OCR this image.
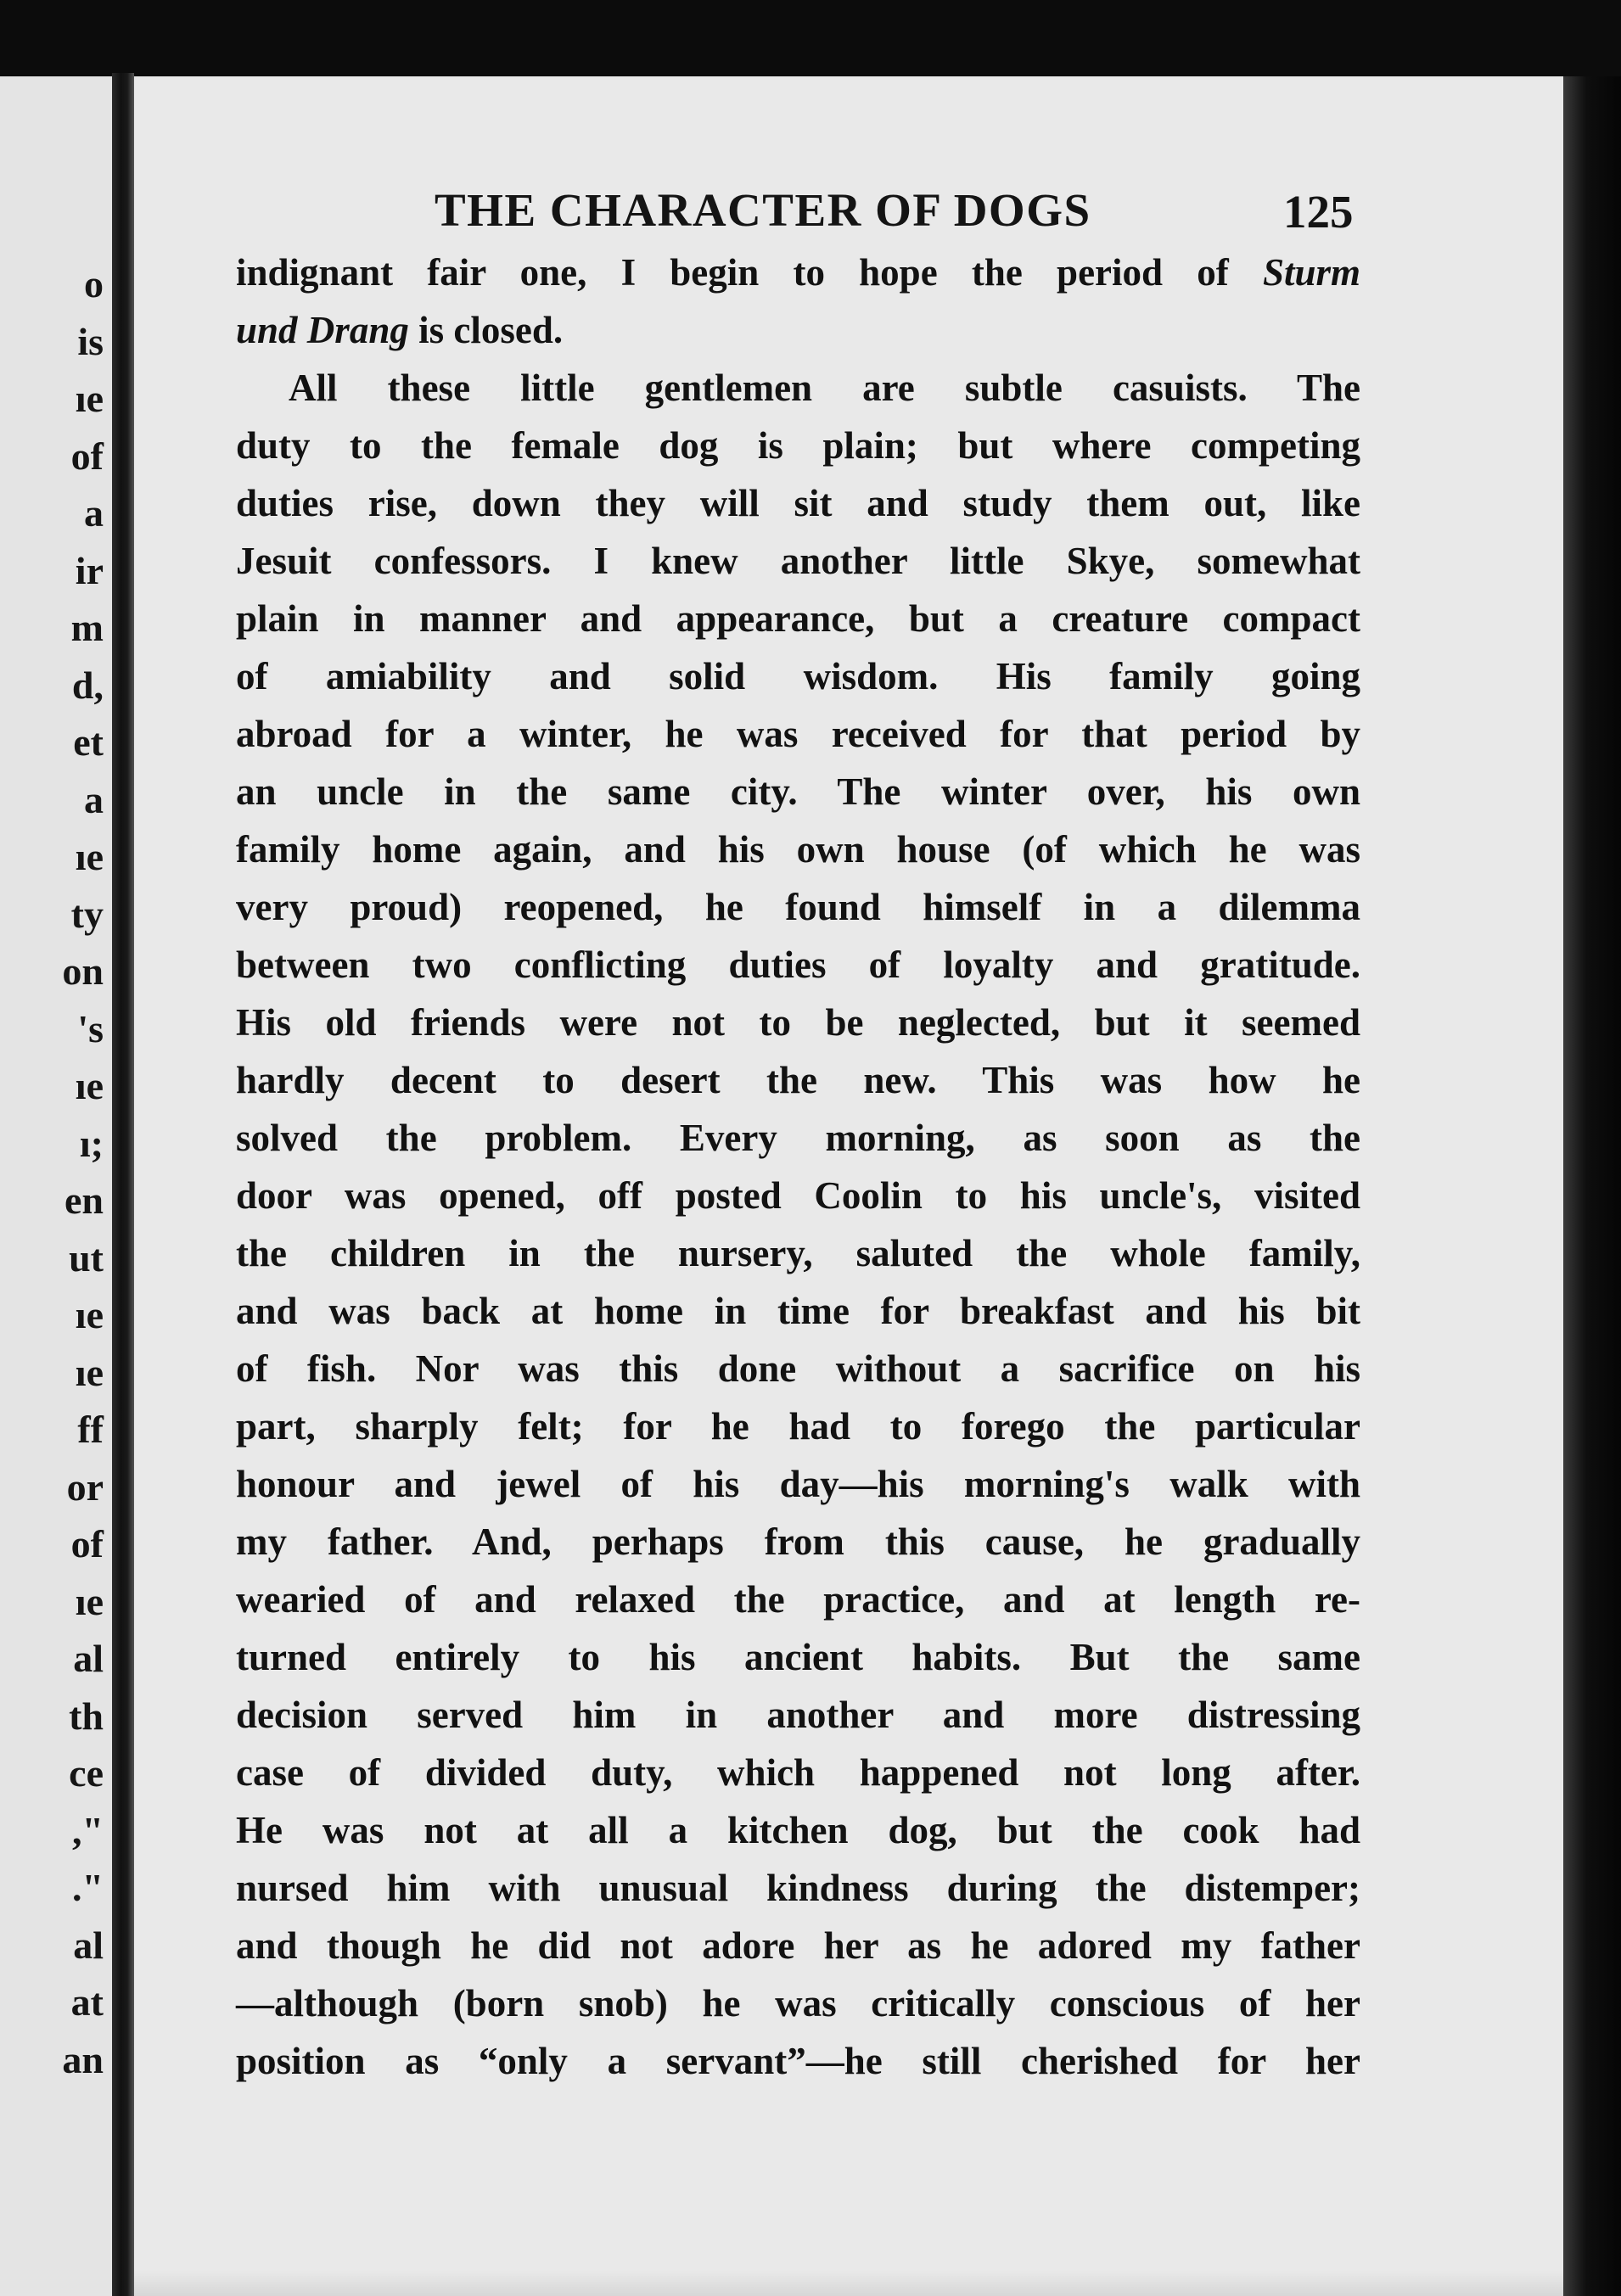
o
is
ıe
of
a
ir
m
d,
et
a
ıe
ty
on
's
ıe
ı;
en
ut
ıe
ıe
ff
or
of
ıe
al
th
ce
,"
."
al
at
an
THE CHARACTER OF DOGS	125
indignant fair one, I begin to hope the period of Sturm
und Drang is closed.
All these little gentlemen are subtle casuists. The
duty to the female dog is plain; but where competing
duties rise, down they will sit and study them out, like
Jesuit confessors. I knew another little Skye, somewhat
plain in manner and appearance, but a creature compact
of amiability and solid wisdom. His family going
abroad for a winter, he was received for that period by
an uncle in the same city. The winter over, his own
family home again, and his own house (of which he was
very proud) reopened, he found himself in a dilemma
between two conflicting duties of loyalty and gratitude.
His old friends were not to be neglected, but it seemed
hardly decent to desert the new. This was how he
solved the problem. Every morning, as soon as the
door was opened, off posted Coolin to his uncle's, visited
the children in the nursery, saluted the whole family,
and was back at home in time for breakfast and his bit
of fish. Nor was this done without a sacrifice on his
part, sharply felt; for he had to forego the particular
honour and jewel of his day—his morning's walk with
my father. And, perhaps from this cause, he gradually
wearied of and relaxed the practice, and at length re-
turned entirely to his ancient habits. But the same
decision served him in another and more distressing
case of divided duty, which happened not long after.
He was not at all a kitchen dog, but the cook had
nursed him with unusual kindness during the distemper;
and though he did not adore her as he adored my father
—although (born snob) he was critically conscious of her
position as “only a servant”—he still cherished for her
